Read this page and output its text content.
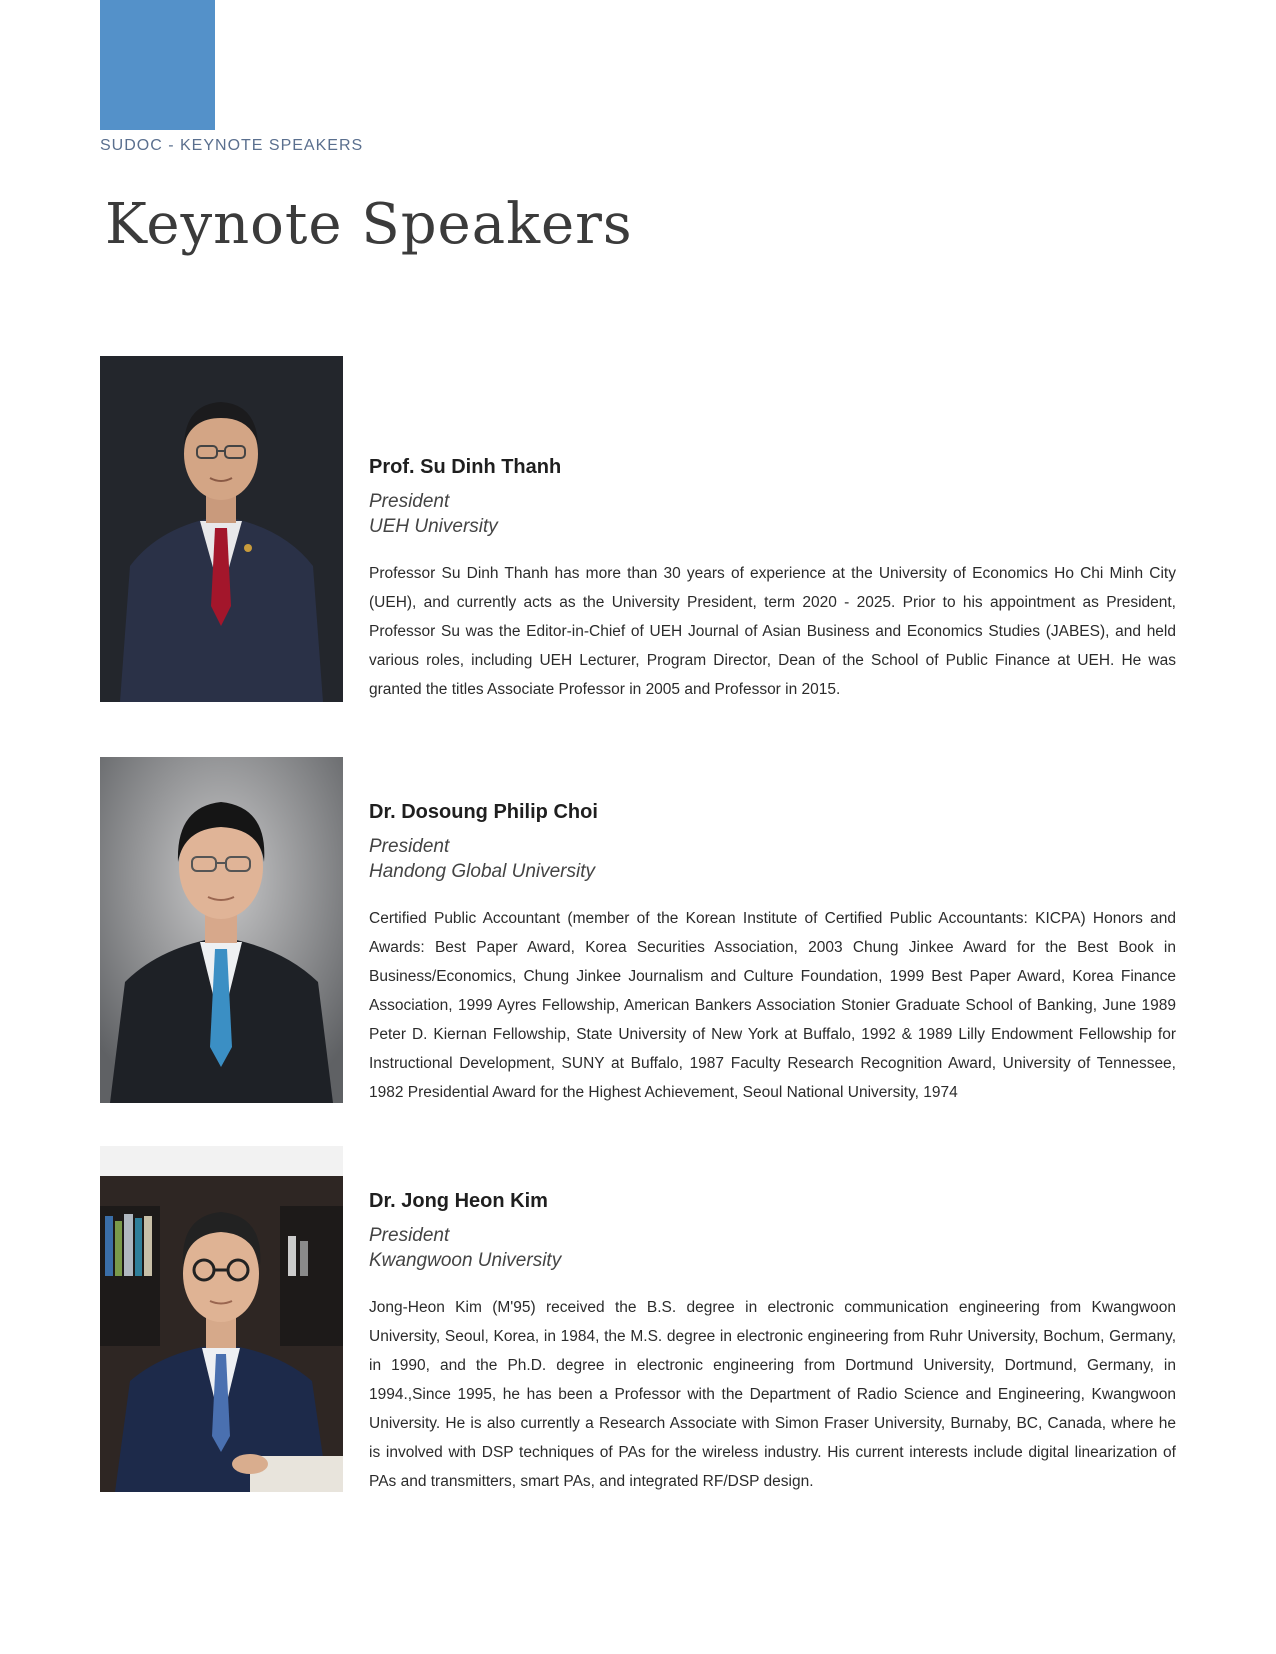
SUDOC - KEYNOTE SPEAKERS
Keynote Speakers
Prof. Su Dinh Thanh
President
UEH University
Professor Su Dinh Thanh has more than 30 years of experience at the University of Economics Ho Chi Minh City (UEH), and currently acts as the University President, term 2020 - 2025. Prior to his appointment as President, Professor Su was the Editor-in-Chief of UEH Journal of Asian Business and Economics Studies (JABES), and held various roles, including UEH Lecturer, Program Director, Dean of the School of Public Finance at UEH. He was granted the titles Associate Professor in 2005 and Professor in 2015.
Dr. Dosoung Philip Choi
President
Handong Global University
Certified Public Accountant (member of the Korean Institute of Certified Public Accountants: KICPA) Honors and Awards: Best Paper Award, Korea Securities Association, 2003 Chung Jinkee Award for the Best Book in Business/Economics, Chung Jinkee Journalism and Culture Foundation, 1999 Best Paper Award, Korea Finance Association, 1999 Ayres Fellowship, American Bankers Association Stonier Graduate School of Banking, June 1989 Peter D. Kiernan Fellowship, State University of New York at Buffalo, 1992 & 1989 Lilly Endowment Fellowship for Instructional Development, SUNY at Buffalo, 1987 Faculty Research Recognition Award, University of Tennessee, 1982 Presidential Award for the Highest Achievement, Seoul National University, 1974
Dr. Jong Heon Kim
President
Kwangwoon University
Jong-Heon Kim (M'95) received the B.S. degree in electronic communication engineering from Kwangwoon University, Seoul, Korea, in 1984, the M.S. degree in electronic engineering from Ruhr University, Bochum, Germany, in 1990, and the Ph.D. degree in electronic engineering from Dortmund University, Dortmund, Germany, in 1994.,Since 1995, he has been a Professor with the Department of Radio Science and Engineering, Kwangwoon University. He is also currently a Research Associate with Simon Fraser University, Burnaby, BC, Canada, where he is involved with DSP techniques of PAs for the wireless industry. His current interests include digital linearization of PAs and transmitters, smart PAs, and integrated RF/DSP design.
